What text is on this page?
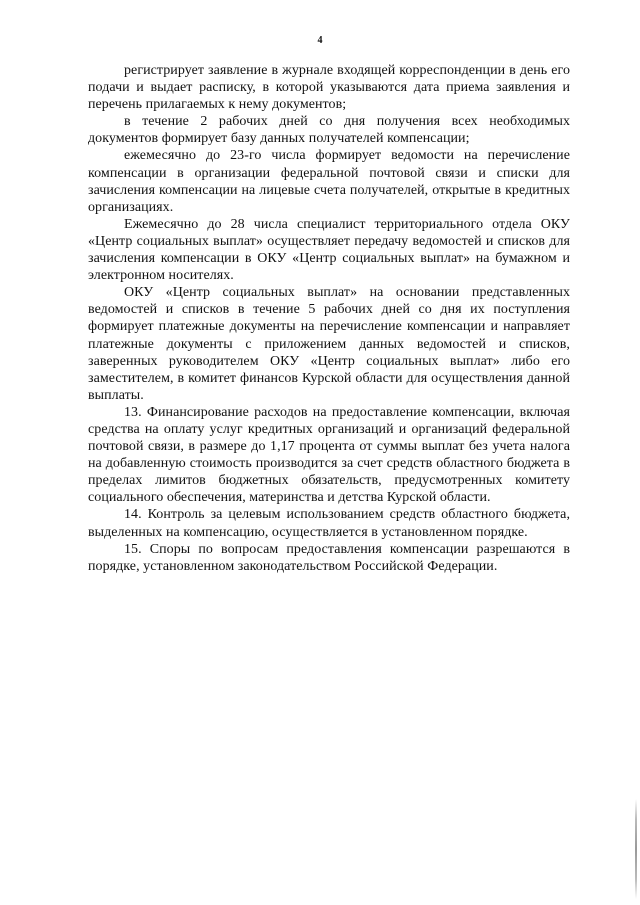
4

регистрирует заявление в журнале входящей корреспонденции в день его подачи и выдает расписку, в которой указываются дата приема заявления и перечень прилагаемых к нему документов;

в течение 2 рабочих дней со дня получения всех необходимых документов формирует базу данных получателей компенсации;

ежемесячно до 23-го числа формирует ведомости на перечисление компенсации в организации федеральной почтовой связи и списки для зачисления компенсации на лицевые счета получателей, открытые в кредитных организациях.

Ежемесячно до 28 числа специалист территориального отдела ОКУ «Центр социальных выплат» осуществляет передачу ведомостей и списков для зачисления компенсации в ОКУ «Центр социальных выплат» на бумажном и электронном носителях.

ОКУ «Центр социальных выплат» на основании представленных ведомостей и списков в течение 5 рабочих дней со дня их поступления формирует платежные документы на перечисление компенсации и направляет платежные документы с приложением данных ведомостей и списков, заверенных руководителем ОКУ «Центр социальных выплат» либо его заместителем, в комитет финансов Курской области для осуществления данной выплаты.

13. Финансирование расходов на предоставление компенсации, включая средства на оплату услуг кредитных организаций и организаций федеральной почтовой связи, в размере до 1,17 процента от суммы выплат без учета налога на добавленную стоимость производится за счет средств областного бюджета в пределах лимитов бюджетных обязательств, предусмотренных комитету социального обеспечения, материнства и детства Курской области.

14. Контроль за целевым использованием средств областного бюджета, выделенных на компенсацию, осуществляется в установленном порядке.

15. Споры по вопросам предоставления компенсации разрешаются в порядке, установленном законодательством Российской Федерации.
